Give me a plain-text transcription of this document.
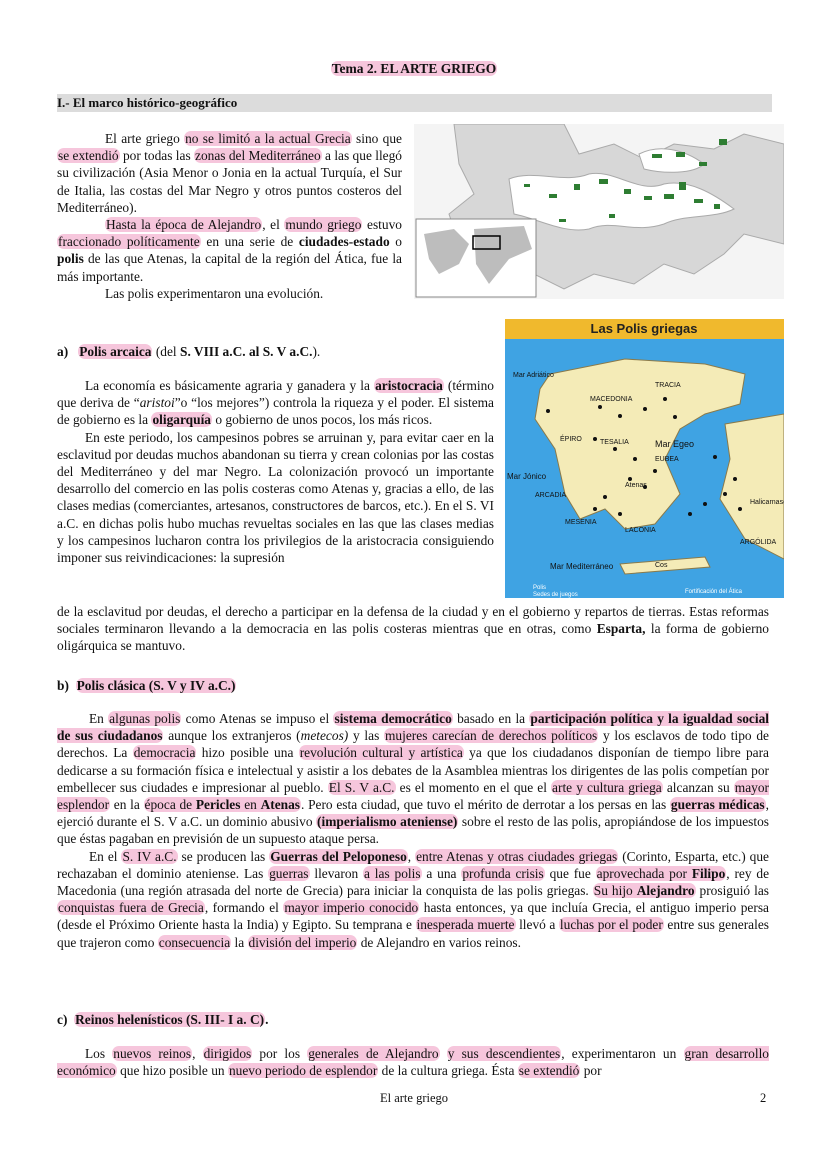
Tema 2. EL ARTE GRIEGO
I.- El marco histórico-geográfico

El arte griego no se limitó a la actual Grecia sino que se extendió por todas las zonas del Mediterráneo a las que llegó su civilización (Asia Menor o Jonia en la actual Turquía, el Sur de Italia, las costas del Mar Negro y otros puntos costeros del Mediterráneo).

Hasta la época de Alejandro, el mundo griego estuvo fraccionado políticamente en una serie de ciudades-estado o polis de las que Atenas, la capital de la región del Ática, fue la más importante.

Las polis experimentaron una evolución.

Las Polis griegas
Mar Adriático
Mar Egeo
Mar Jónico
Mar Mediterráneo
MACEDONIA
TRACIA
ÉPIRO	TESALIA
EUBEA
Atenas
ARCADIA
LACONIA
MESENIA
Cos
ARGÓLIDA
Halicarnaso
Polis
Sedes de juegos	Fortificación del Ática
a) Polis arcaica (del S. VIII a.C. al S. V a.C.).

La economía es básicamente agraria y ganadera y la aristocracia (término que deriva de “aristoi”o “los mejores”) controla la riqueza y el poder. El sistema de gobierno es la oligarquía o gobierno de unos pocos, los más ricos.

En este periodo, los campesinos pobres se arruinan y, para evitar caer en la esclavitud por deudas muchos abandonan su tierra y crean colonias por las costas del Mediterráneo y del mar Negro. La colonización provocó un importante desarrollo del comercio en las polis costeras como Atenas y, gracias a ello, de las clases medias (comerciantes, artesanos, constructores de barcos, etc.). En el S. VI a.C. en dichas polis hubo muchas revueltas sociales en las que las clases medias y los campesinos lucharon contra los privilegios de la aristocracia consiguiendo imponer sus reivindicaciones: la supresión

de la esclavitud por deudas, el derecho a participar en la defensa de la ciudad y en el gobierno y repartos de tierras. Estas reformas sociales terminaron llevando a la democracia en las polis costeras mientras que en otras, como Esparta, la forma de gobierno oligárquica se mantuvo.

b) Polis clásica (S. V y IV a.C.)

En algunas polis como Atenas se impuso el sistema democrático basado en la participación política y la igualdad social de sus ciudadanos aunque los extranjeros (metecos) y las mujeres carecían de derechos políticos y los esclavos de todo tipo de derechos. La democracia hizo posible una revolución cultural y artística ya que los ciudadanos disponían de tiempo libre para dedicarse a su formación física e intelectual y asistir a los debates de la Asamblea mientras los dirigentes de las polis competían por embellecer sus ciudades e impresionar al pueblo. El S. V a.C. es el momento en el que el arte y cultura griega alcanzan su mayor esplendor en la época de Pericles en Atenas. Pero esta ciudad, que tuvo el mérito de derrotar a los persas en las guerras médicas, ejerció durante el S. V a.C. un dominio abusivo (imperialismo ateniense) sobre el resto de las polis, apropiándose de los impuestos que éstas pagaban en previsión de un supuesto ataque persa.

En el S. IV a.C. se producen las Guerras del Peloponeso, entre Atenas y otras ciudades griegas (Corinto, Esparta, etc.) que rechazaban el dominio ateniense. Las guerras llevaron a las polis a una profunda crisis que fue aprovechada por Filipo, rey de Macedonia (una región atrasada del norte de Grecia) para iniciar la conquista de las polis griegas. Su hijo Alejandro prosiguió las conquistas fuera de Grecia, formando el mayor imperio conocido hasta entonces, ya que incluía Grecia, el antiguo imperio persa (desde el Próximo Oriente hasta la India) y Egipto. Su temprana e inesperada muerte llevó a luchas por el poder entre sus generales que trajeron como consecuencia la división del imperio de Alejandro en varios reinos.

c) Reinos helenísticos (S. III- I a. C).

Los nuevos reinos, dirigidos por los generales de Alejandro y sus descendientes, experimentaron un gran desarrollo económico que hizo posible un nuevo periodo de esplendor de la cultura griega. Ésta se extendió por

El arte griego	2
